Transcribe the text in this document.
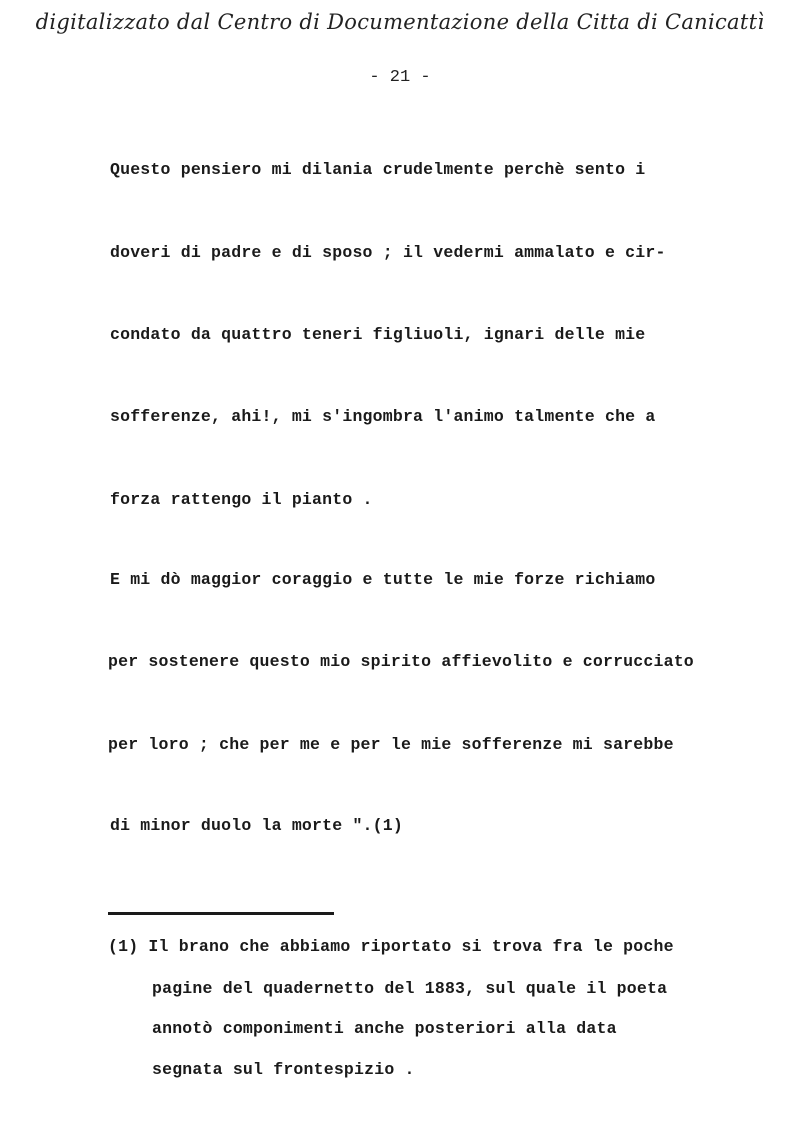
digitalizzato dal Centro di Documentazione della Citta di Canicattì
- 21 -
Questo pensiero mi dilania crudelmente perchè sento i
doveri di padre e di sposo ; il vedermi ammalato e cir-
condato da quattro teneri figliuoli, ignari delle mie
sofferenze, ahi!, mi s'ingombra l'animo talmente che a
forza rattengo il pianto .
E mi dò maggior coraggio e tutte le mie forze richiamo
per sostenere questo mio spirito affievolito e corrucciato
per loro ; che per me e per le mie sofferenze mi sarebbe
di minor duolo la morte ".(1)
(1) Il brano che abbiamo riportato si trova fra le poche
pagine del quadernetto del 1883, sul quale il poeta
annotò componimenti anche posteriori alla data
segnata sul frontespizio .
